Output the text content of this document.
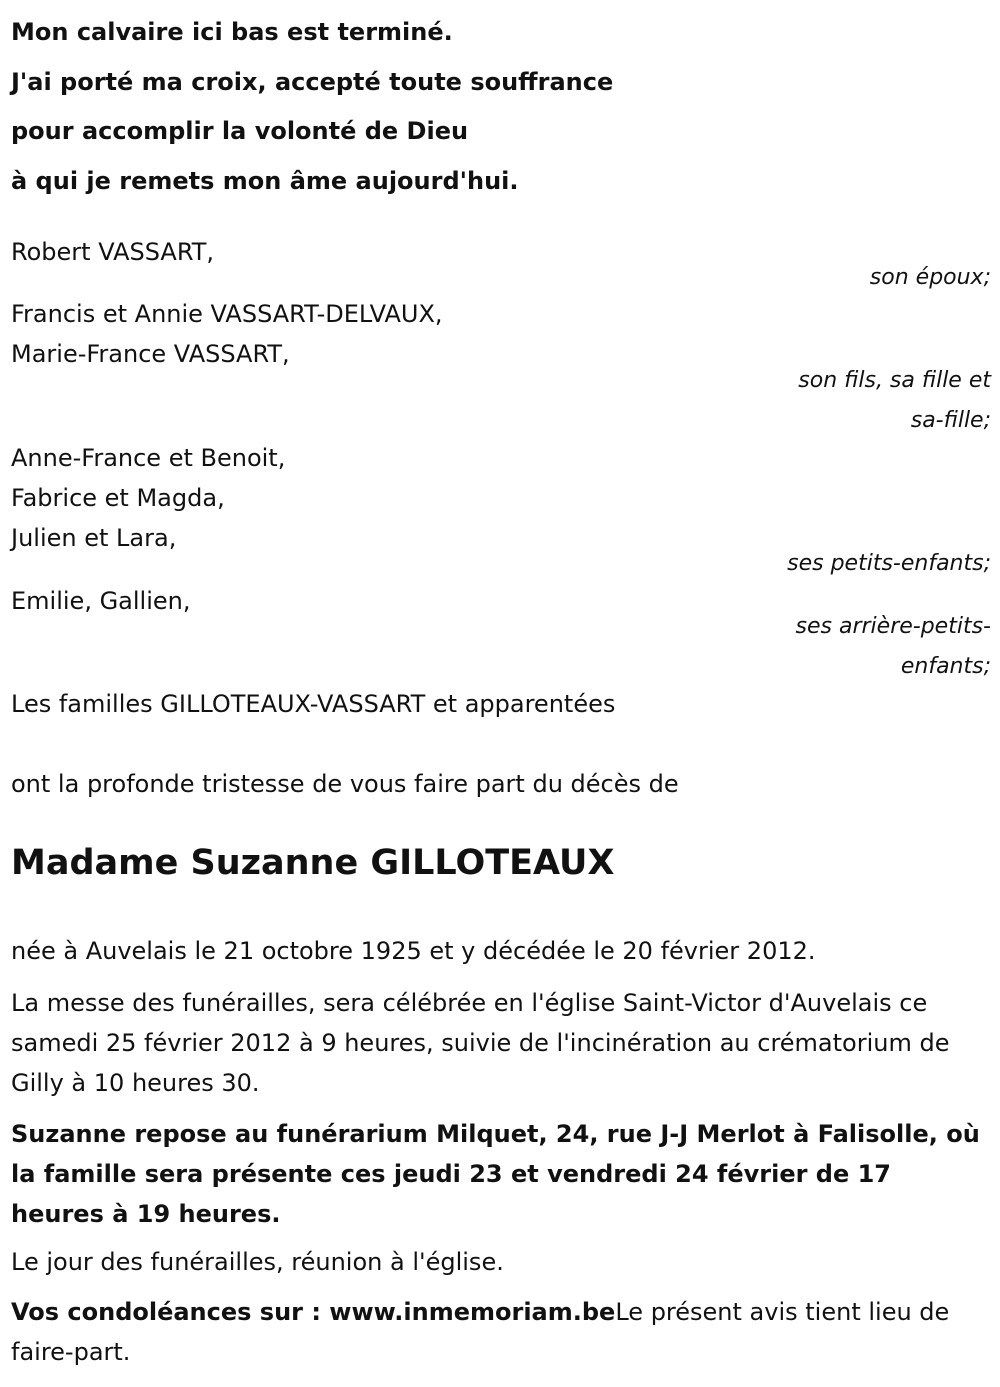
Mon calvaire ici bas est terminé.
J'ai porté ma croix, accepté toute souffrance
pour accomplir la volonté de Dieu
à qui je remets mon âme aujourd'hui.
Robert VASSART,
son époux;
Francis et Annie VASSART-DELVAUX,
Marie-France VASSART,
son fils, sa fille et
sa-fille;
Anne-France et Benoit,
Fabrice et Magda,
Julien et Lara,
ses petits-enfants;
Emilie, Gallien,
ses arrière-petits-
enfants;
Les familles GILLOTEAUX-VASSART et apparentées
ont la profonde tristesse de vous faire part du décès de
Madame Suzanne GILLOTEAUX
née à Auvelais le 21 octobre 1925 et y décédée le 20 février 2012.
La messe des funérailles, sera célébrée en l'église Saint-Victor d'Auvelais ce samedi 25 février 2012 à 9 heures, suivie de l'incinération au crématorium de Gilly à 10 heures 30.
Suzanne repose au funérarium Milquet, 24, rue J-J Merlot à Falisolle, où la famille sera présente ces jeudi 23 et vendredi 24 février de 17 heures à 19 heures.
Le jour des funérailles, réunion à l'église.
Vos condoléances sur : www.inmemoriam.beLe présent avis tient lieu de faire-part.
